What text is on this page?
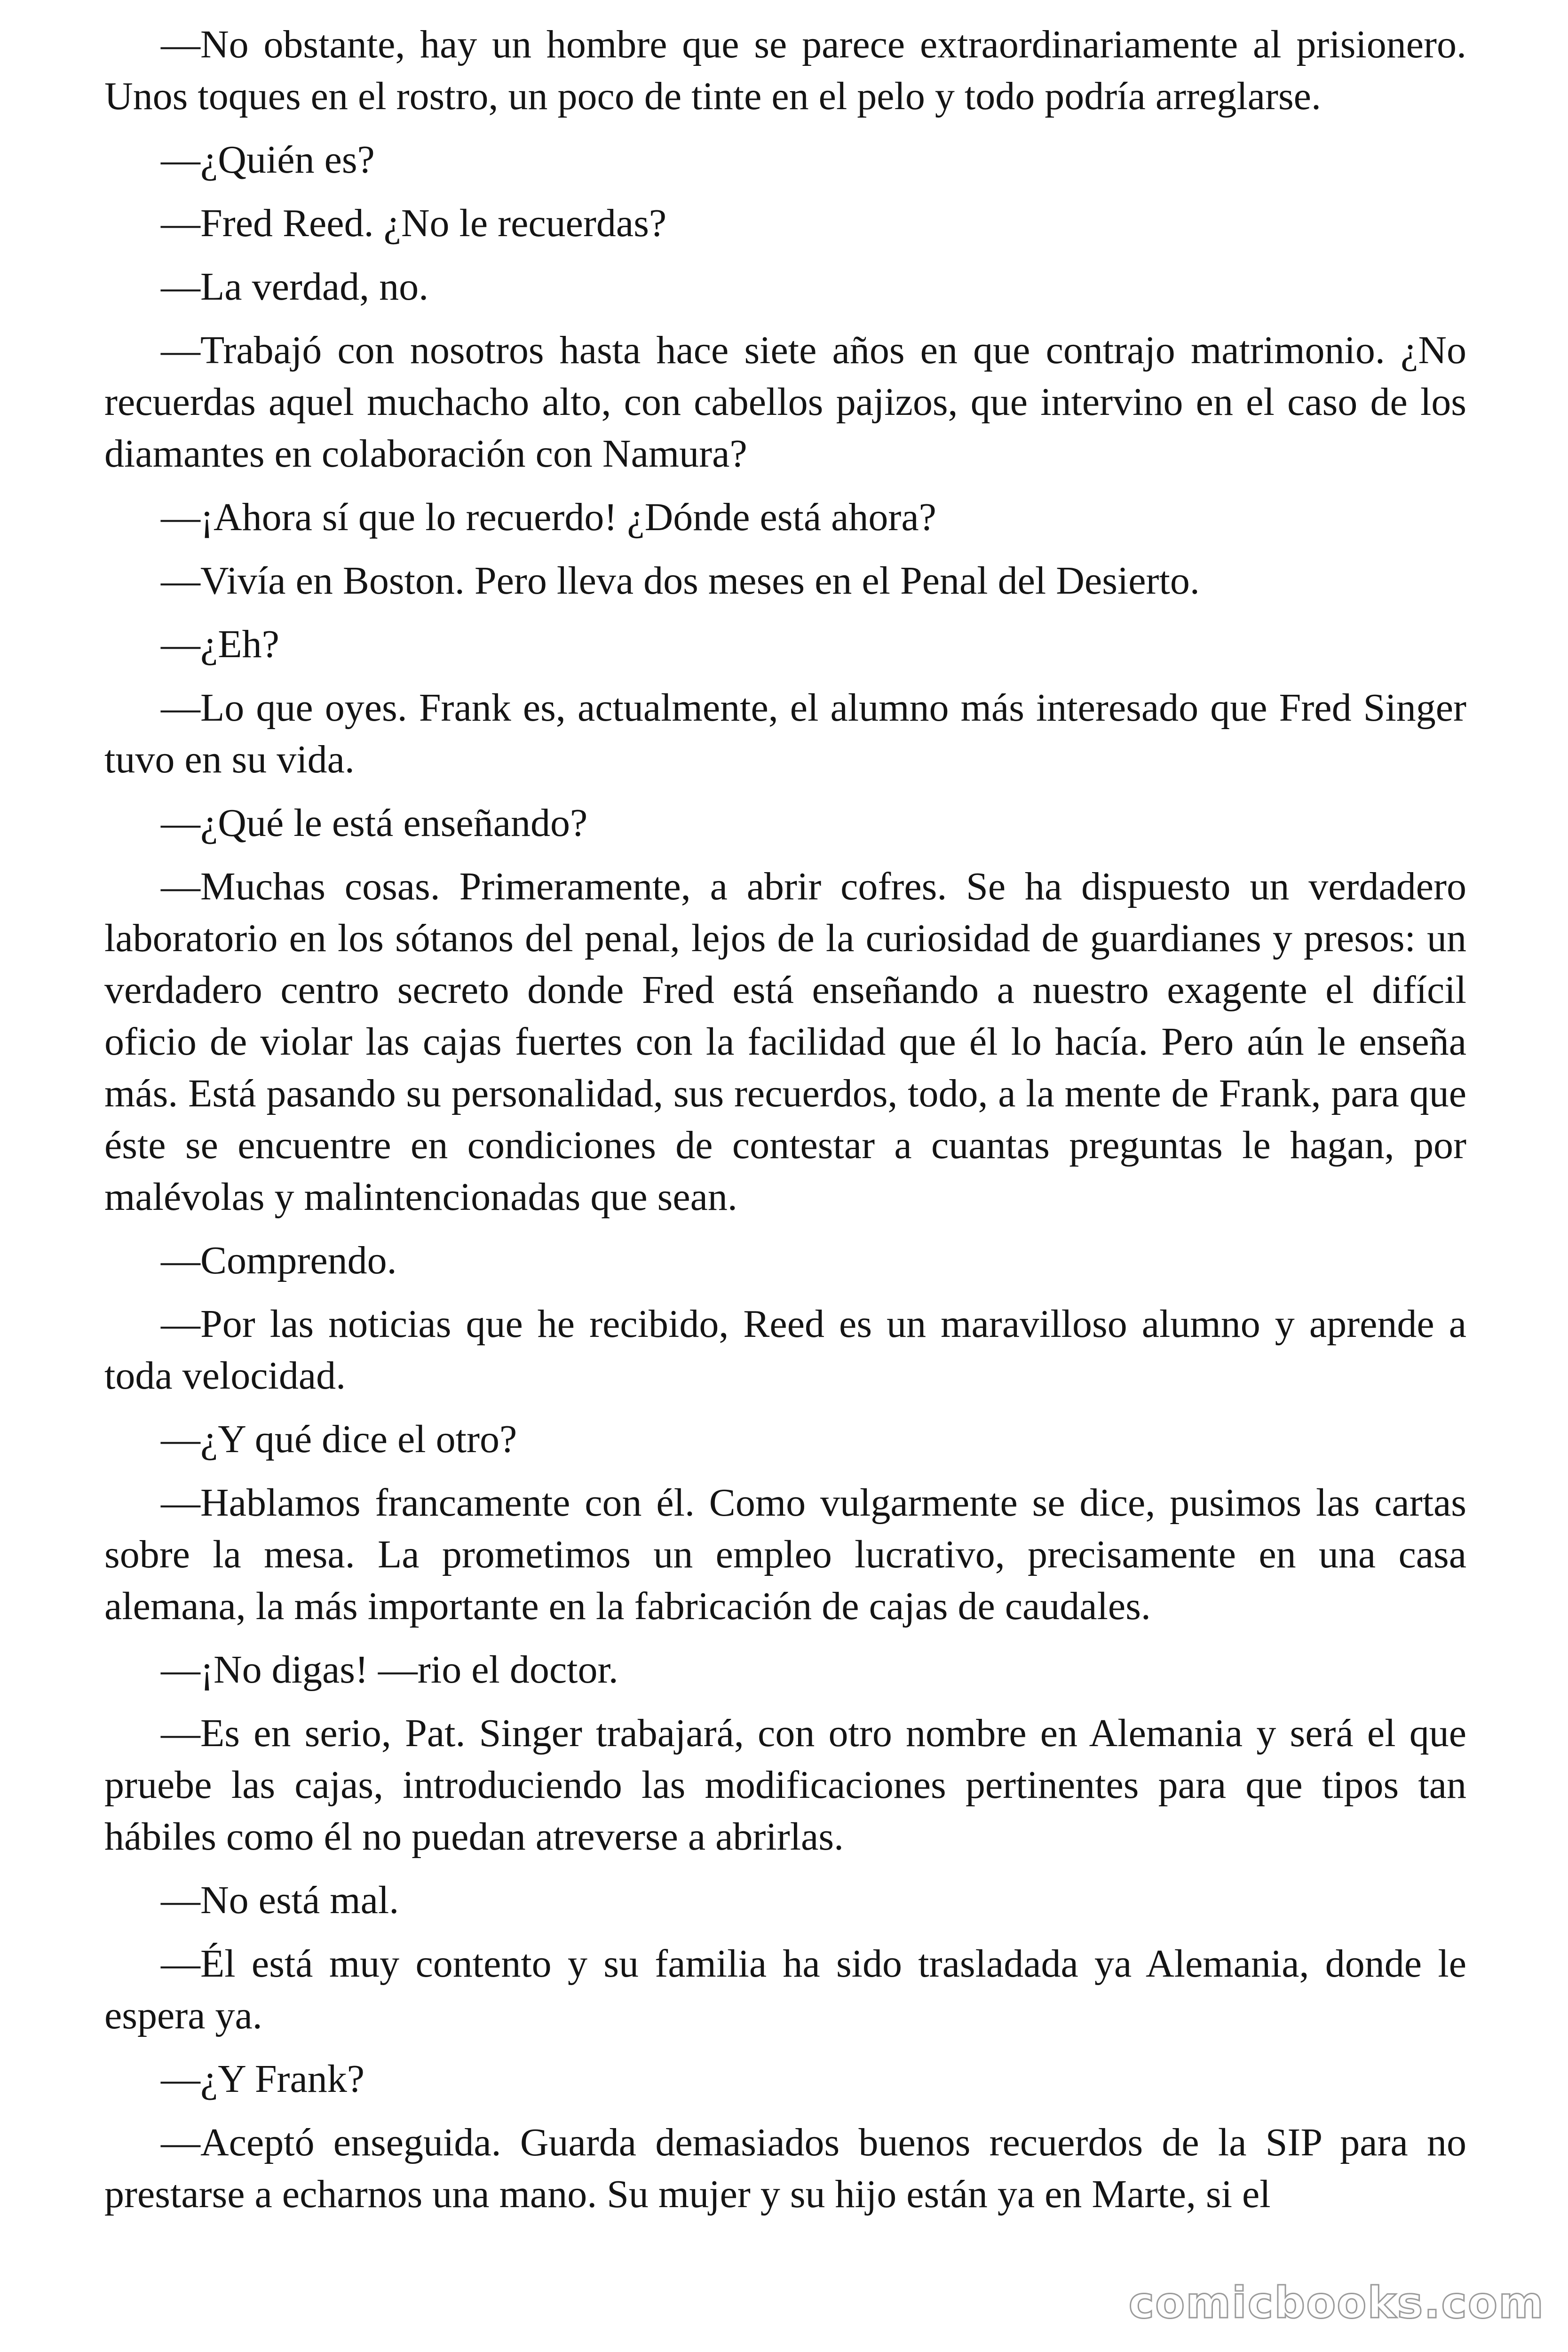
—No obstante, hay un hombre que se parece extraordinariamente al prisionero. Unos toques en el rostro, un poco de tinte en el pelo y todo podría arreglarse.

—¿Quién es?

—Fred Reed. ¿No le recuerdas?

—La verdad, no.

—Trabajó con nosotros hasta hace siete años en que contrajo matrimonio. ¿No recuerdas aquel muchacho alto, con cabellos pajizos, que intervino en el caso de los diamantes en colaboración con Namura?

—¡Ahora sí que lo recuerdo! ¿Dónde está ahora?

—Vivía en Boston. Pero lleva dos meses en el Penal del Desierto.

—¿Eh?

—Lo que oyes. Frank es, actualmente, el alumno más interesado que Fred Singer tuvo en su vida.

—¿Qué le está enseñando?

—Muchas cosas. Primeramente, a abrir cofres. Se ha dispuesto un verdadero laboratorio en los sótanos del penal, lejos de la curiosidad de guardianes y presos: un verdadero centro secreto donde Fred está enseñando a nuestro exagente el difícil oficio de violar las cajas fuertes con la facilidad que él lo hacía. Pero aún le enseña más. Está pasando su personalidad, sus recuerdos, todo, a la mente de Frank, para que éste se encuentre en condiciones de contestar a cuantas preguntas le hagan, por malévolas y malintencionadas que sean.

—Comprendo.

—Por las noticias que he recibido, Reed es un maravilloso alumno y aprende a toda velocidad.

—¿Y qué dice el otro?

—Hablamos francamente con él. Como vulgarmente se dice, pusimos las cartas sobre la mesa. La prometimos un empleo lucrativo, precisamente en una casa alemana, la más importante en la fabricación de cajas de caudales.

—¡No digas! —rio el doctor.

—Es en serio, Pat. Singer trabajará, con otro nombre en Alemania y será el que pruebe las cajas, introduciendo las modificaciones pertinentes para que tipos tan hábiles como él no puedan atreverse a abrirlas.

—No está mal.

—Él está muy contento y su familia ha sido trasladada ya Alemania, donde le espera ya.

—¿Y Frank?

—Aceptó enseguida. Guarda demasiados buenos recuerdos de la SIP para no prestarse a echarnos una mano. Su mujer y su hijo están ya en Marte, si el

comicbooks.com
